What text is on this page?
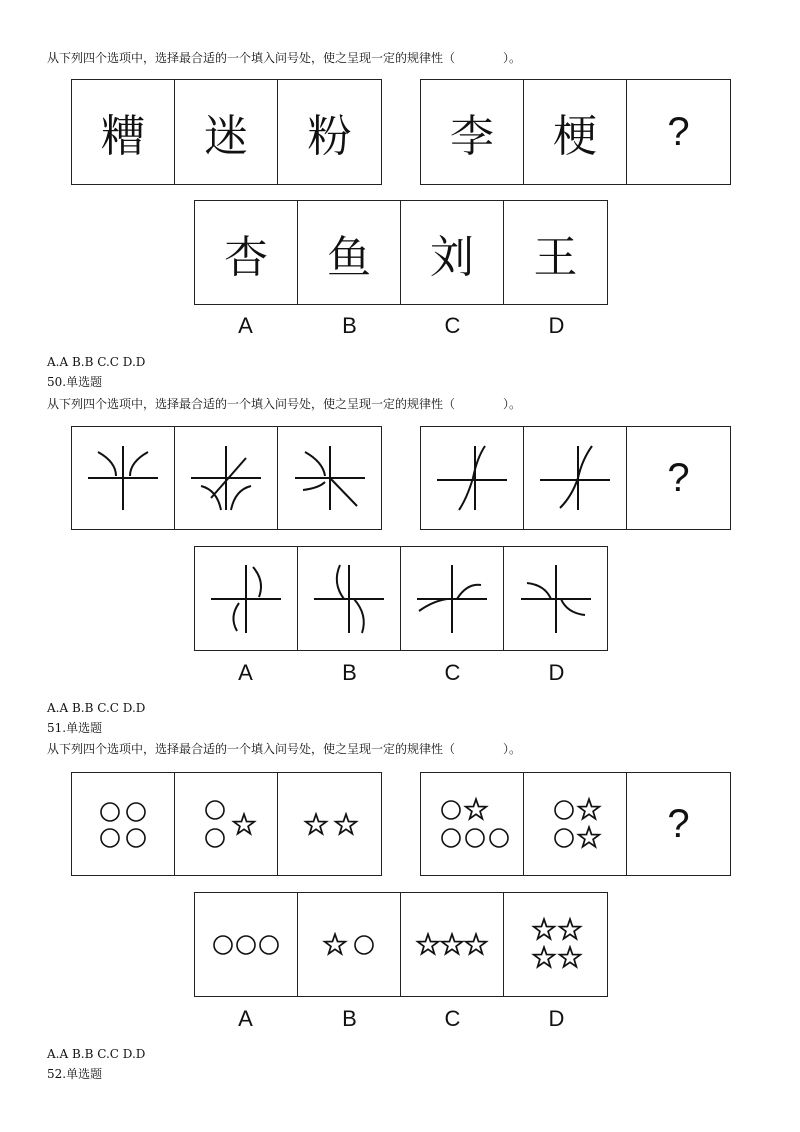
从下列四个选项中，选择最合适的一个填入问号处，使之呈现一定的规律性（　　　　）。
糟 迷 粉 李 梗 ?
杏 鱼 刘 王
A	B	C	D
A.A B.B C.C D.D
50.单选题
从下列四个选项中，选择最合适的一个填入问号处，使之呈现一定的规律性（　　　　）。
?
A	B	C	D
A.A B.B C.C D.D
51.单选题
从下列四个选项中，选择最合适的一个填入问号处，使之呈现一定的规律性（　　　　）。
?
A	B	C	D
A.A B.B C.C D.D
52.单选题
